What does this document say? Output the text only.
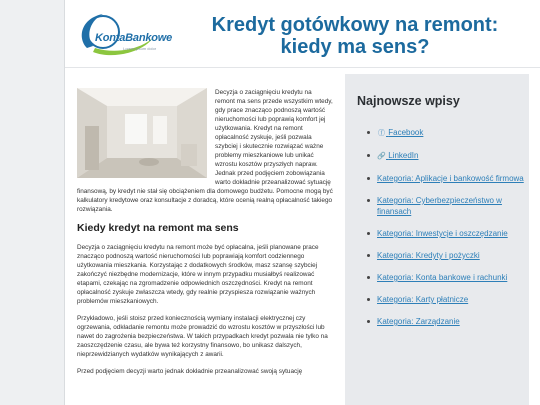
KontaBankowe
Lorem ipsum dolor
Kredyt gotówkowy na remont: kiedy ma sens?

Decyzja o zaciągnięciu kredytu na remont ma sens przede wszystkim wtedy, gdy prace znacząco podnoszą wartość nieruchomości lub poprawią komfort jej użytkowania. Kredyt na remont opłacalność zyskuje, jeśli pozwala szybciej i skutecznie rozwiązać ważne problemy mieszkaniowe lub unikać wzrostu kosztów przyszłych napraw. Jednak przed podjęciem zobowiązania warto dokładnie przeanalizować sytuację finansową, by kredyt nie stał się obciążeniem dla domowego budżetu. Pomocne mogą być kalkulatory kredytowe oraz konsultacje z doradcą, które ocenią realną opłacalność takiego rozwiązania.

Kiedy kredyt na remont ma sens

Decyzja o zaciągnięciu kredytu na remont może być opłacalna, jeśli planowane prace znacząco podnoszą wartość nieruchomości lub poprawiają komfort codziennego użytkowania mieszkania. Korzystając z dodatkowych środków, masz szansę szybciej zakończyć niezbędne modernizacje, które w innym przypadku musiałbyś realizować etapami, czekając na zgromadzenie odpowiednich oszczędności. Kredyt na remont opłacalność zyskuje zwłaszcza wtedy, gdy realnie przyspiesza rozwiązanie ważnych problemów mieszkaniowych.

Przykładowo, jeśli stoisz przed koniecznością wymiany instalacji elektrycznej czy ogrzewania, odkładanie remontu może prowadzić do wzrostu kosztów w przyszłości lub nawet do zagrożenia bezpieczeństwa. W takich przypadkach kredyt pozwala nie tylko na zaoszczędzenie czasu, ale bywa też korzystny finansowo, bo unikasz dalszych, nieprzewidzianych wydatków wynikających z awarii.

Przed podjęciem decyzji warto jednak dokładnie przeanalizować swoją sytuację

Najnowsze wpisy
ⓕ Facebook
🔗 LinkedIn
Kategoria: Aplikacje i bankowość firmowa
Kategoria: Cyberbezpieczeństwo w finansach
Kategoria: Inwestycje i oszczędzanie
Kategoria: Kredyty i pożyczki
Kategoria: Konta bankowe i rachunki
Kategoria: Karty płatnicze
Kategoria: Zarządzanie
